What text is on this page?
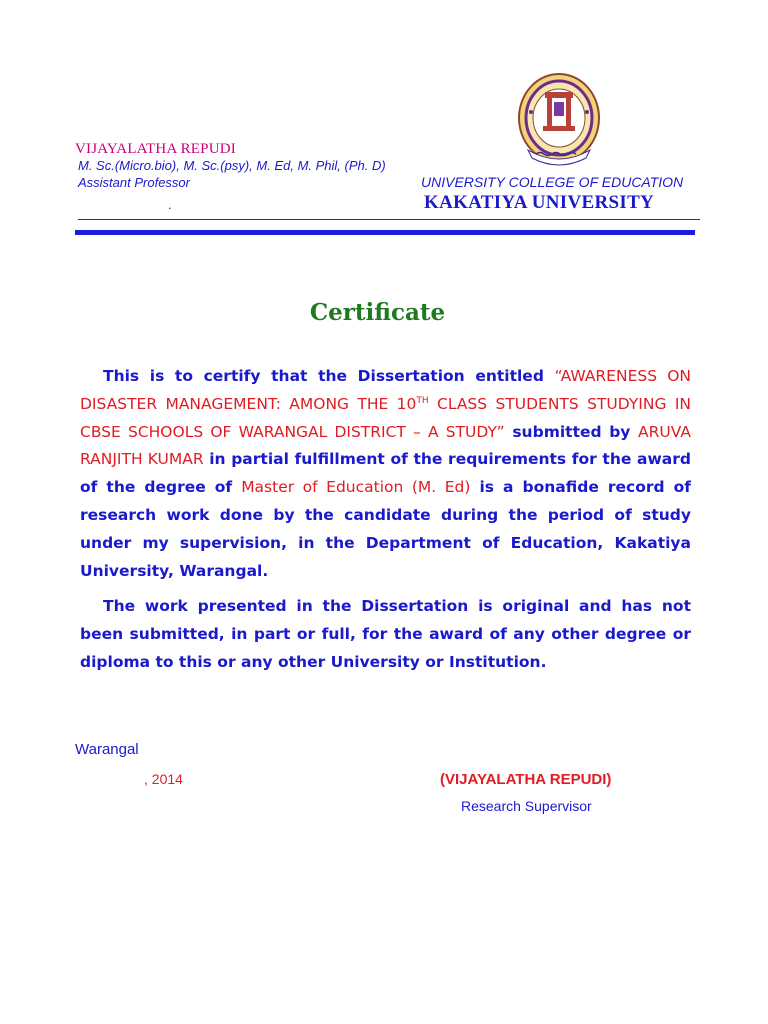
VIJAYALATHA REPUDI
M. Sc.(Micro.bio), M. Sc.(psy), M. Ed, M. Phil, (Ph. D)
Assistant Professor	UNIVERSITY COLLEGE OF EDUCATION
KAKATIYA UNIVERSITY
.
Certificate

This is to certify that the Dissertation entitled “AWARENESS ON DISASTER MANAGEMENT: AMONG THE 10TH CLASS STUDENTS STUDYING IN CBSE SCHOOLS OF WARANGAL DISTRICT – A STUDY” submitted by ARUVA RANJITH KUMAR in partial fulfillment of the requirements for the award of the degree of Master of Education (M. Ed) is a bonafide record of research work done by the candidate during the period of study under my supervision, in the Department of Education, Kakatiya University, Warangal.

The work presented in the Dissertation is original and has not been submitted, in part or full, for the award of any other degree or diploma to this or any other University or Institution.

Warangal
, 2014	(VIJAYALATHA REPUDI)
Research Supervisor
